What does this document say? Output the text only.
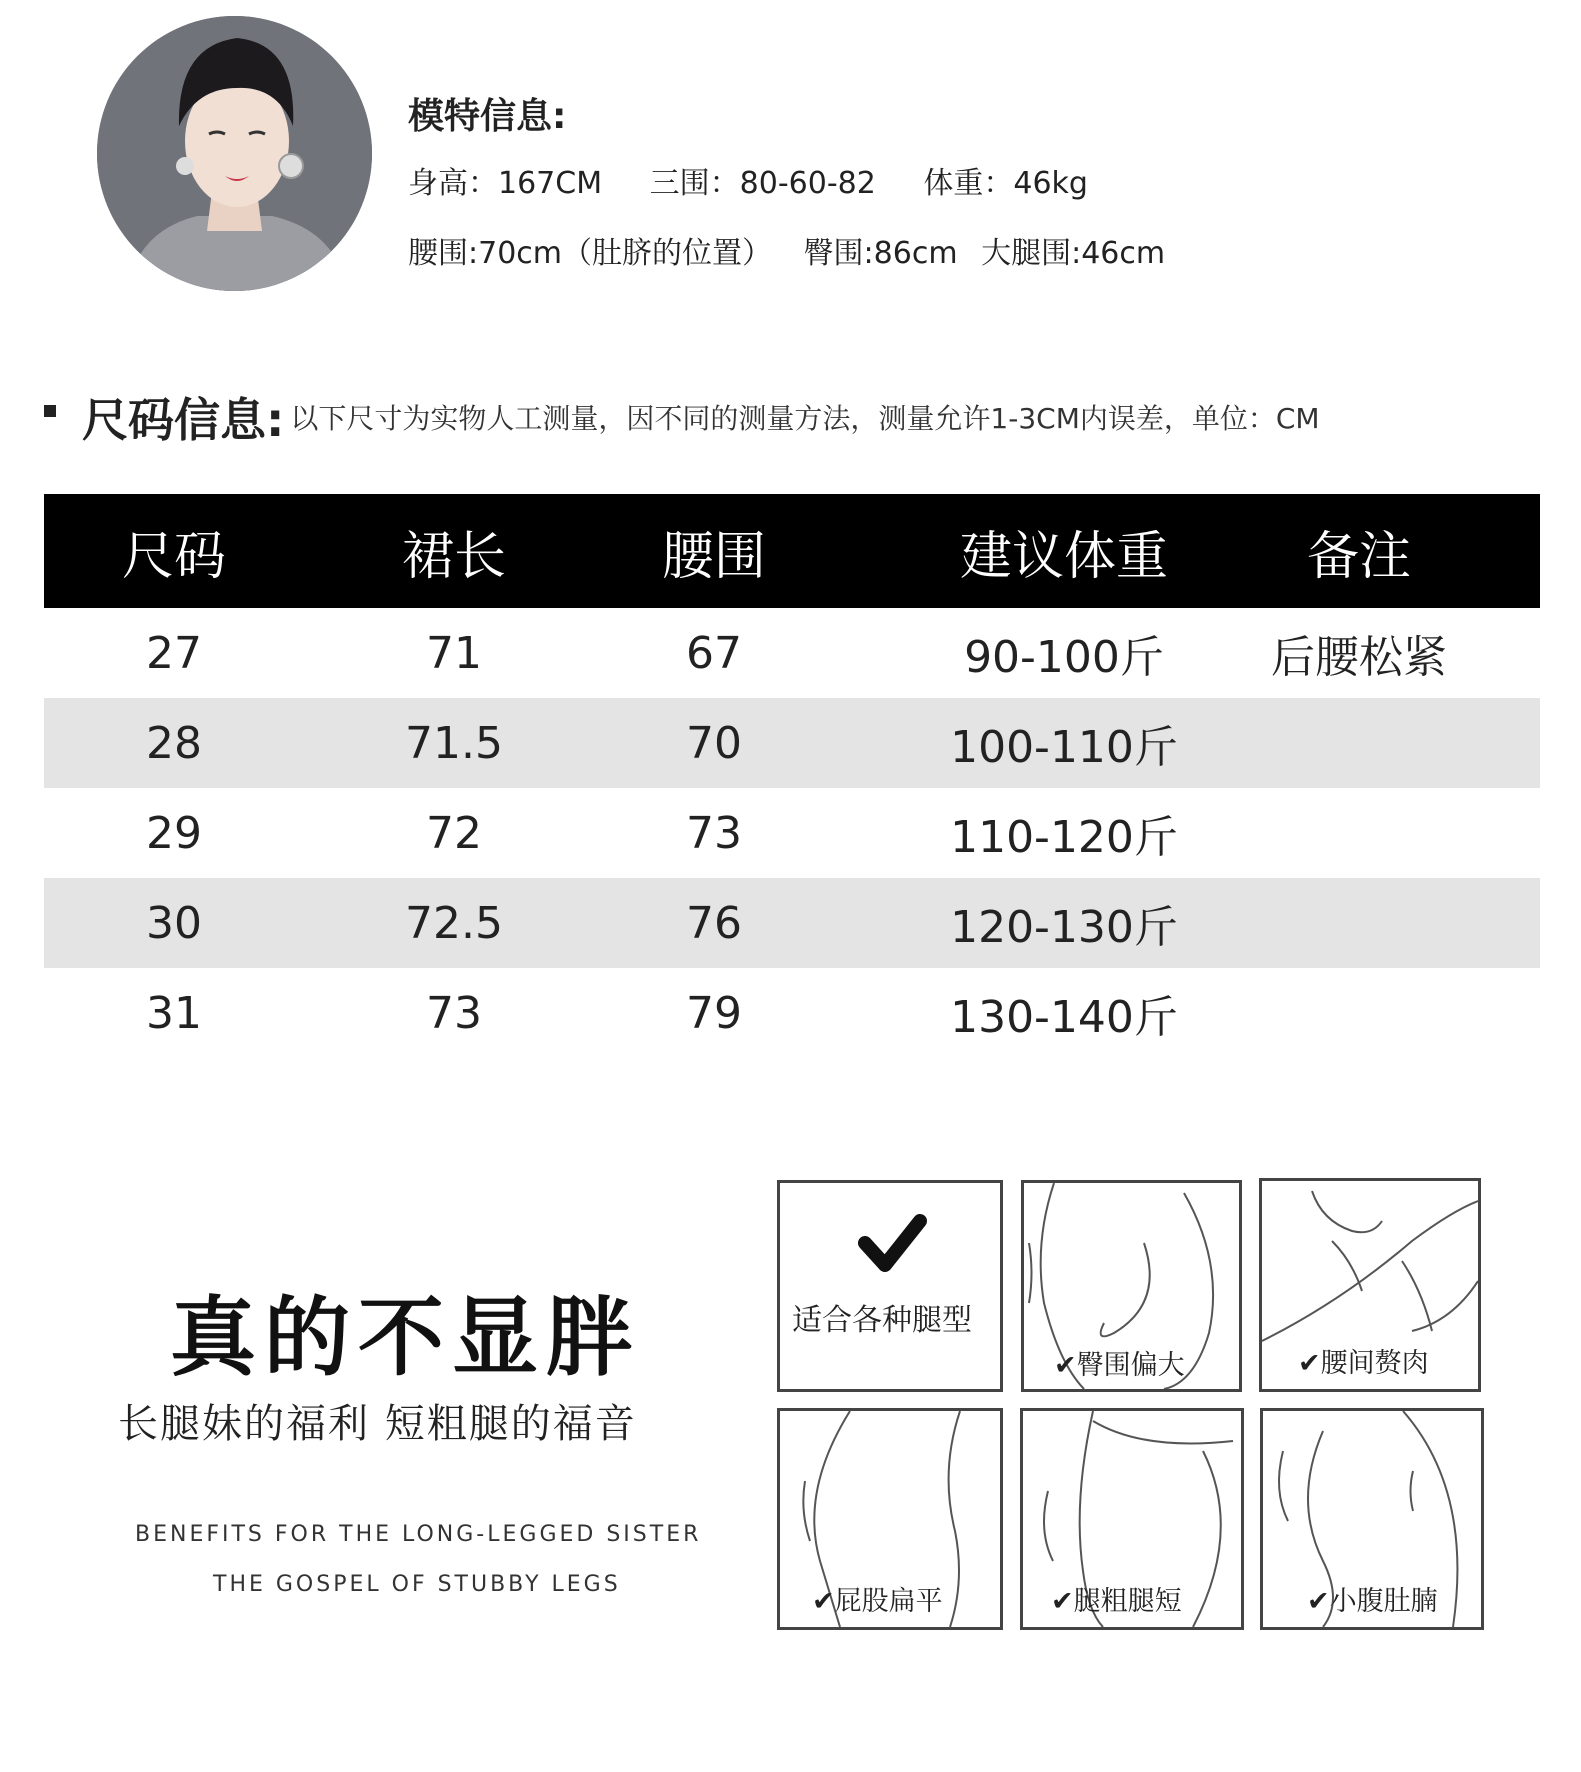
模特信息:
身高：167CM 三围：80-60-82 体重：46kg
腰围:70cm（肚脐的位置） 臀围:86cm 大腿围:46cm
尺码信息: 以下尺寸为实物人工测量，因不同的测量方法，测量允许1-3CM内误差，单位：CM
尺码	裙长	腰围	建议体重	备注
27	71	67	90-100斤	后腰松紧
28	71.5	70	100-110斤
29	72	73	110-120斤
30	72.5	76	120-130斤
31	73	79	130-140斤
真的不显胖
长腿妹的福利 短粗腿的福音
BENEFITS FOR THE LONG-LEGGED SISTER
THE GOSPEL OF STUBBY LEGS
适合各种腿型
✔臀围偏大	✔腰间赘肉
✔屁股扁平	✔腿粗腿短	✔小腹肚腩
